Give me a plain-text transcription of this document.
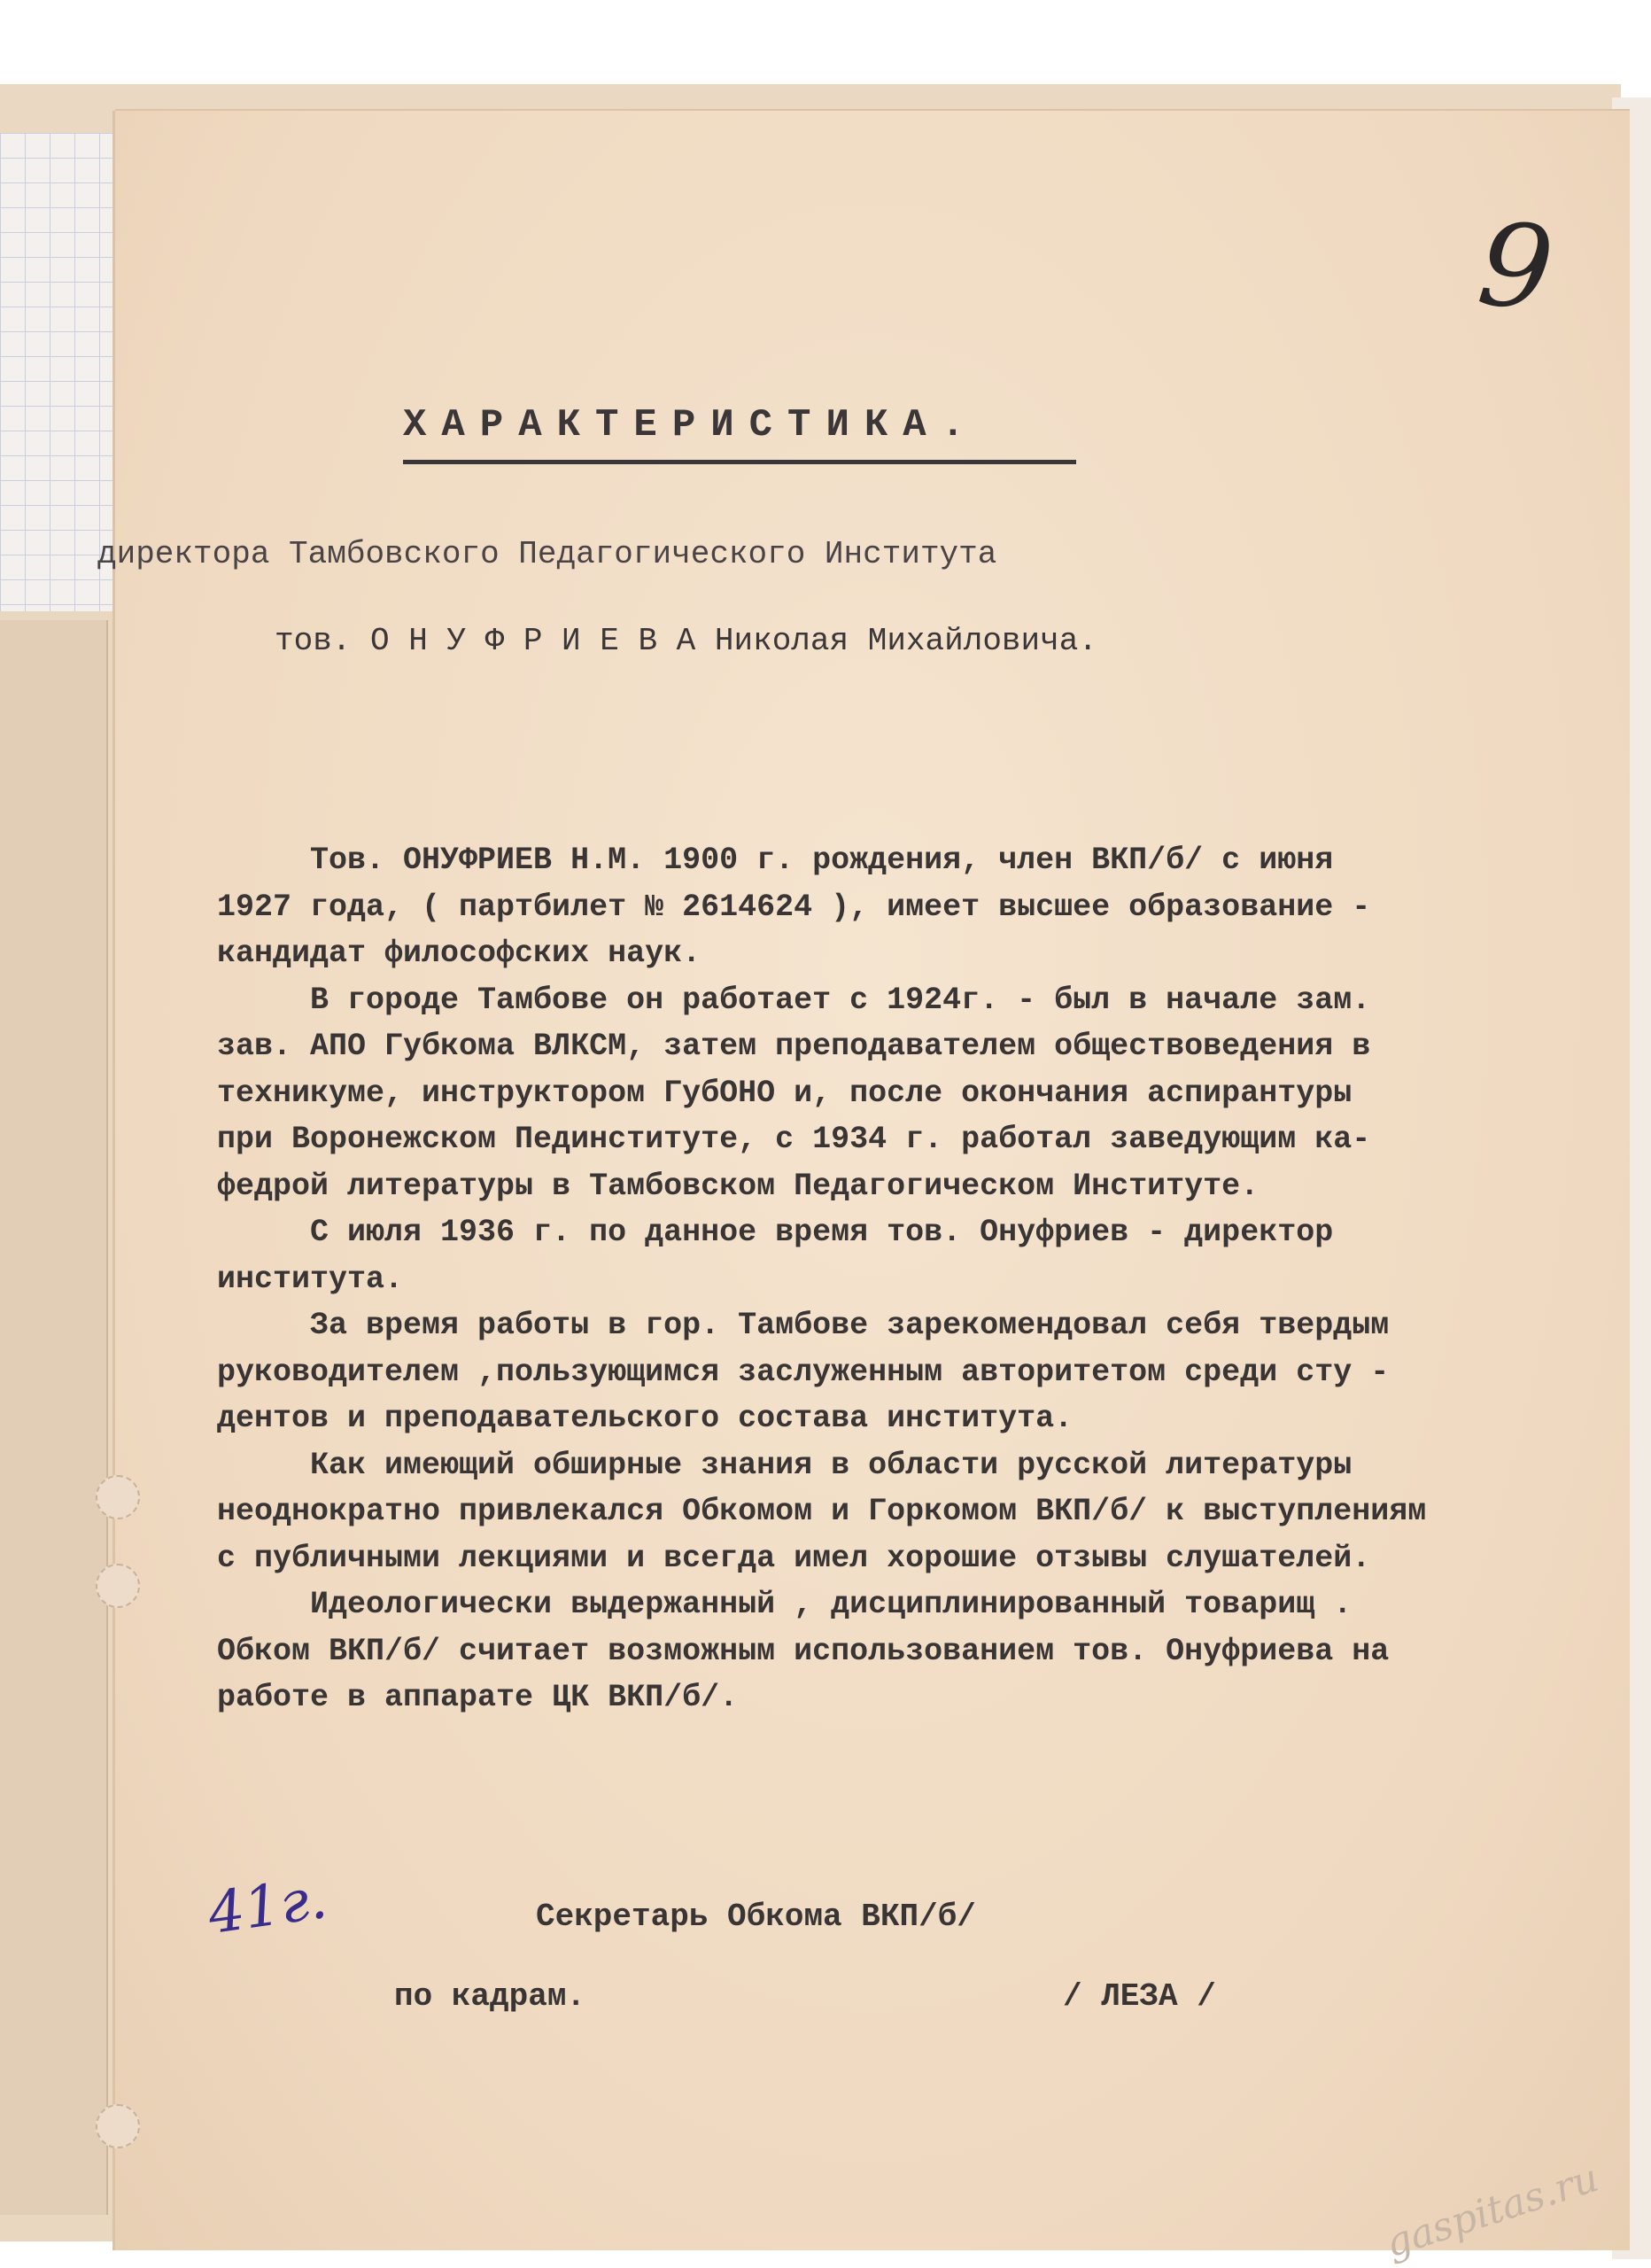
9
ХАРАКТЕРИСТИКА.
директора Тамбовского Педагогического Института
тов. О Н У Ф Р И Е В А Николая Михайловича.

Тов. ОНУФРИЕВ Н.М. 1900 г. рождения, член ВКП/б/ с июня

1927 года, ( партбилет № 2614624 ), имеет высшее образование -

кандидат философских наук.

В городе Тамбове он работает с 1924г. - был в начале зам.

зав. АПО Губкома ВЛКСМ, затем преподавателем обществоведения в

техникуме, инструктором ГубОНО и, после окончания аспирантуры

при Воронежском Пединституте, с 1934 г. работал заведующим ка-

федрой литературы в Тамбовском Педагогическом Институте.

С июля 1936 г. по данное время тов. Онуфриев - директор

института.

За время работы в гор. Тамбове зарекомендовал себя твердым

руководителем ,пользующимся заслуженным авторитетом среди сту -

дентов и преподавательского состава института.

Как имеющий обширные знания в области русской литературы

неоднократно привлекался Обкомом и Горкомом ВКП/б/ к выступлениям

с публичными лекциями и всегда имел хорошие отзывы слушателей.

Идеологически выдержанный , дисциплинированный товарищ .

Обком ВКП/б/ считает возможным использованием тов. Онуфриева на

работе в аппарате ЦК ВКП/б/.

41г.	Секретарь Обкома ВКП/б/
по кадрам.	/ ЛЕЗА /
gaspitas.ru
